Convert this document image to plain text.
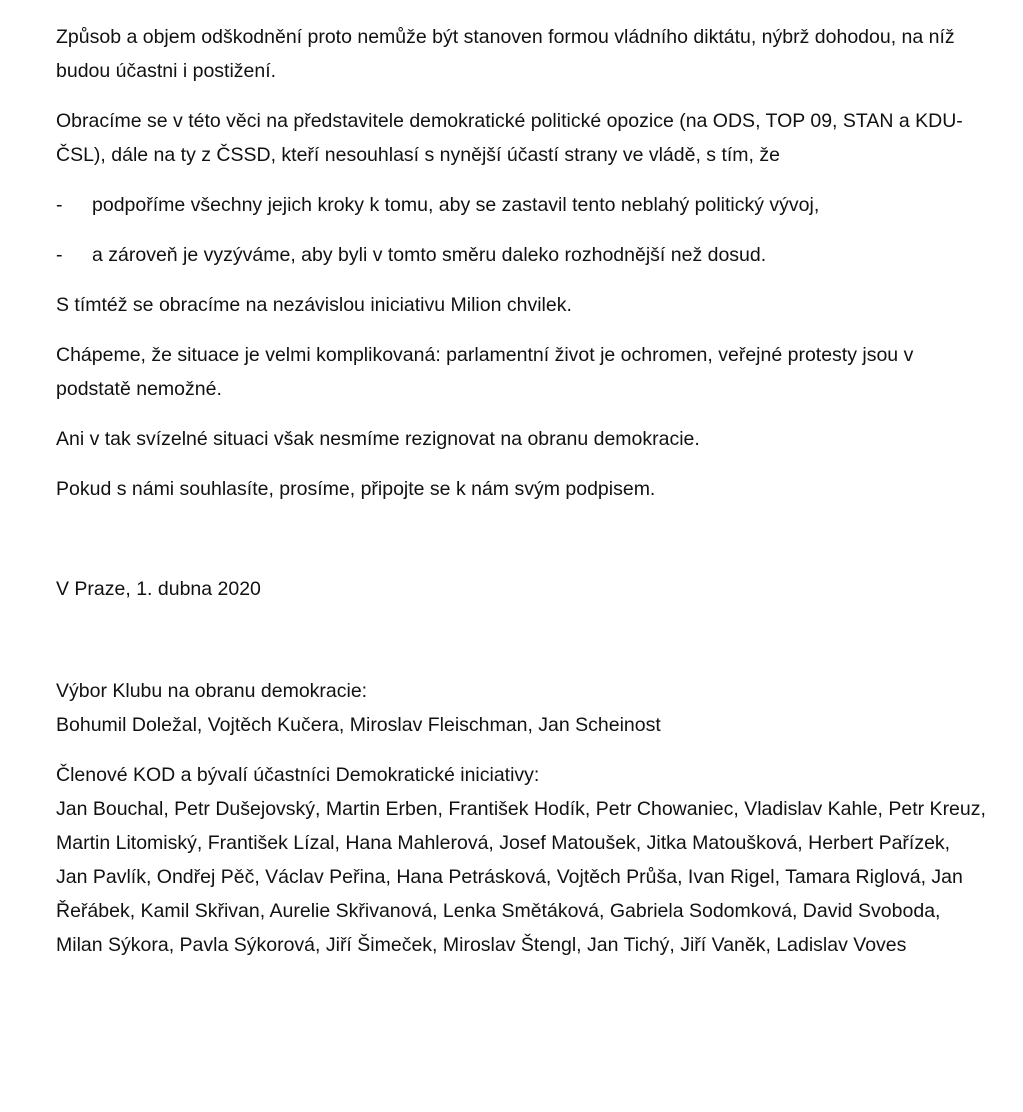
Způsob a objem odškodnění proto nemůže být stanoven formou vládního diktátu, nýbrž dohodou, na níž budou účastni i postižení.

Obracíme se v této věci na představitele demokratické politické opozice (na ODS, TOP 09, STAN a KDU-ČSL), dále na ty z ČSSD, kteří nesouhlasí s nynější účastí strany ve vládě, s tím, že

-	podpoříme všechny jejich kroky k tomu, aby se zastavil tento neblahý politický vývoj,
-	a zároveň je vyzýváme, aby byli v tomto směru daleko rozhodnější než dosud.

S tímtéž se obracíme na nezávislou iniciativu Milion chvilek.

Chápeme, že situace je velmi komplikovaná: parlamentní život je ochromen, veřejné protesty jsou v podstatě nemožné.

Ani v tak svízelné situaci však nesmíme rezignovat na obranu demokracie.

Pokud s námi souhlasíte, prosíme, připojte se k nám svým podpisem.

V Praze, 1. dubna 2020

Výbor Klubu na obranu demokracie:
Bohumil Doležal, Vojtěch Kučera, Miroslav Fleischman, Jan Scheinost
Členové KOD a bývalí účastníci Demokratické iniciativy:
Jan Bouchal, Petr Dušejovský, Martin Erben, František Hodík, Petr Chowaniec, Vladislav Kahle, Petr Kreuz, Martin Litomiský, František Lízal, Hana Mahlerová, Josef Matoušek, Jitka Matoušková, Herbert Pařízek, Jan Pavlík, Ondřej Pěč, Václav Peřina, Hana Petrásková, Vojtěch Průša, Ivan Rigel, Tamara Riglová, Jan Řeřábek, Kamil Skřivan, Aurelie Skřivanová, Lenka Smětáková, Gabriela Sodomková, David Svoboda, Milan Sýkora, Pavla Sýkorová, Jiří Šimeček, Miroslav Štengl, Jan Tichý, Jiří Vaněk, Ladislav Voves
